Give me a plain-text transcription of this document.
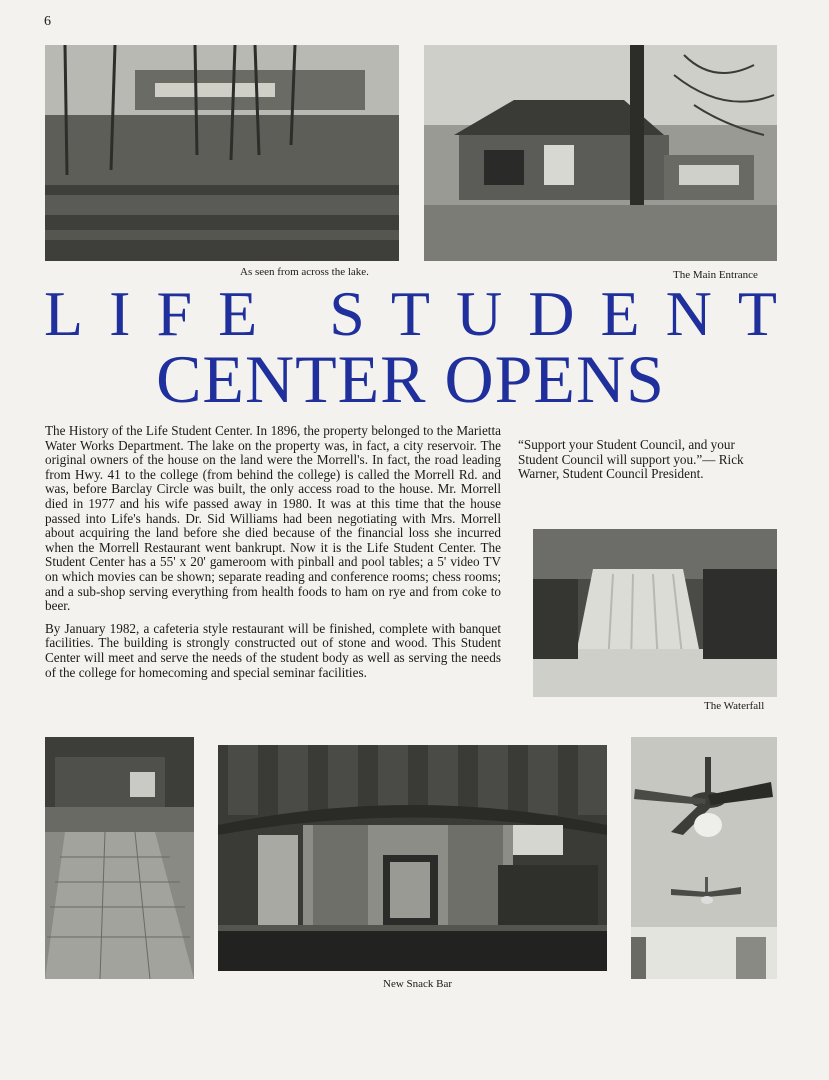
6
As seen from across the lake.	The Main Entrance
L I F E S T U D E N T
CENTER OPENS

The History of the Life Student Center. In 1896, the property belonged to the Marietta Water Works Department. The lake on the property was, in fact, a city reservoir. The original owners of the house on the land were the Morrell's. In fact, the road leading from Hwy. 41 to the college (from behind the college) is called the Morrell Rd. and was, before Barclay Circle was built, the only access road to the house. Mr. Morrell died in 1977 and his wife passed away in 1980. It was at this time that the house passed into Life's hands. Dr. Sid Williams had been negotiating with Mrs. Morrell about acquiring the land before she died because of the financial loss she incurred when the Morrell Restaurant went bankrupt. Now it is the Life Student Center. The Student Center has a 55' x 20' gameroom with pinball and pool tables; a 5' video TV on which movies can be shown; separate reading and conference rooms; chess rooms; and a sub-shop serving everything from health foods to ham on rye and from coke to beer.

By January 1982, a cafeteria style restaurant will be finished, complete with banquet facilities. The building is strongly constructed out of stone and wood. This Student Center will meet and serve the needs of the student body as well as serving the needs of the college for homecoming and special seminar facilities.

“Support your Student Council, and your Student Council will support you.”— Rick Warner, Student Council President.

The Waterfall
New Snack Bar
